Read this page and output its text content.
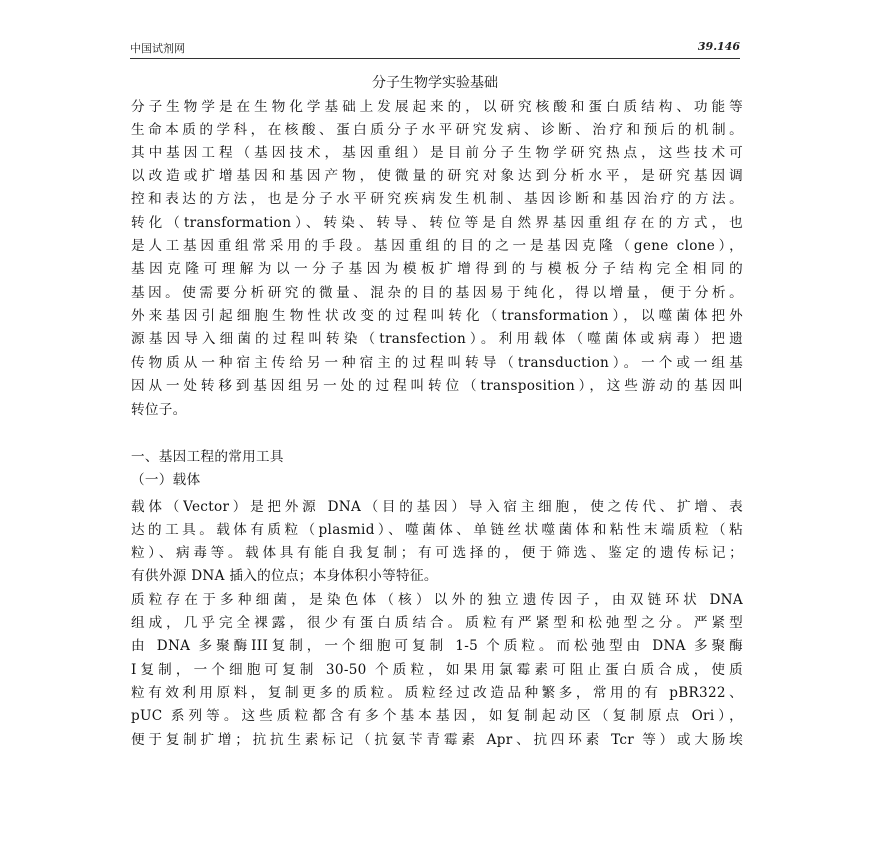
中国试剂网	39.146
分子生物学实验基础
分子生物学是在生物化学基础上发展起来的，以研究核酸和蛋白质结构、功能等
生命本质的学科，在核酸、蛋白质分子水平研究发病、诊断、治疗和预后的机制。
其中基因工程（基因技术，基因重组）是目前分子生物学研究热点，这些技术可
以改造或扩增基因和基因产物，使微量的研究对象达到分析水平，是研究基因调
控和表达的方法，也是分子水平研究疾病发生机制、基因诊断和基因治疗的方法。
转化（transformation）、转染、转导、转位等是自然界基因重组存在的方式，也
是人工基因重组常采用的手段。基因重组的目的之一是基因克隆（gene clone），
基因克隆可理解为以一分子基因为模板扩增得到的与模板分子结构完全相同的
基因。使需要分析研究的微量、混杂的目的基因易于纯化，得以增量，便于分析。
外来基因引起细胞生物性状改变的过程叫转化（transformation），以噬菌体把外
源基因导入细菌的过程叫转染（transfection）。利用载体（噬菌体或病毒）把遗
传物质从一种宿主传给另一种宿主的过程叫转导（transduction）。一个或一组基
因从一处转移到基因组另一处的过程叫转位（transposition），这些游动的基因叫
转位子。
一、基因工程的常用工具
（一）载体
载体（Vector）是把外源 DNA（目的基因）导入宿主细胞，使之传代、扩增、表
达的工具。载体有质粒（plasmid）、噬菌体、单链丝状噬菌体和粘性末端质粒（粘
粒）、病毒等。载体具有能自我复制；有可选择的，便于筛选、鉴定的遗传标记；
有供外源 DNA 插入的位点；本身体积小等特征。
质粒存在于多种细菌，是染色体（核）以外的独立遗传因子，由双链环状 DNA
组成，几乎完全裸露，很少有蛋白质结合。质粒有严紧型和松弛型之分。严紧型
由 DNA 多聚酶III复制，一个细胞可复制 1-5 个质粒。而松弛型由 DNA 多聚酶
Ⅰ复制，一个细胞可复制 30-50 个质粒，如果用氯霉素可阻止蛋白质合成，使质
粒有效利用原料，复制更多的质粒。质粒经过改造品种繁多，常用的有 pBR322、
pUC 系列等。这些质粒都含有多个基本基因，如复制起动区（复制原点 Ori），
便于复制扩增；抗抗生素标记（抗氨苄青霉素 Apr、抗四环素 Tcr 等）或大肠埃
